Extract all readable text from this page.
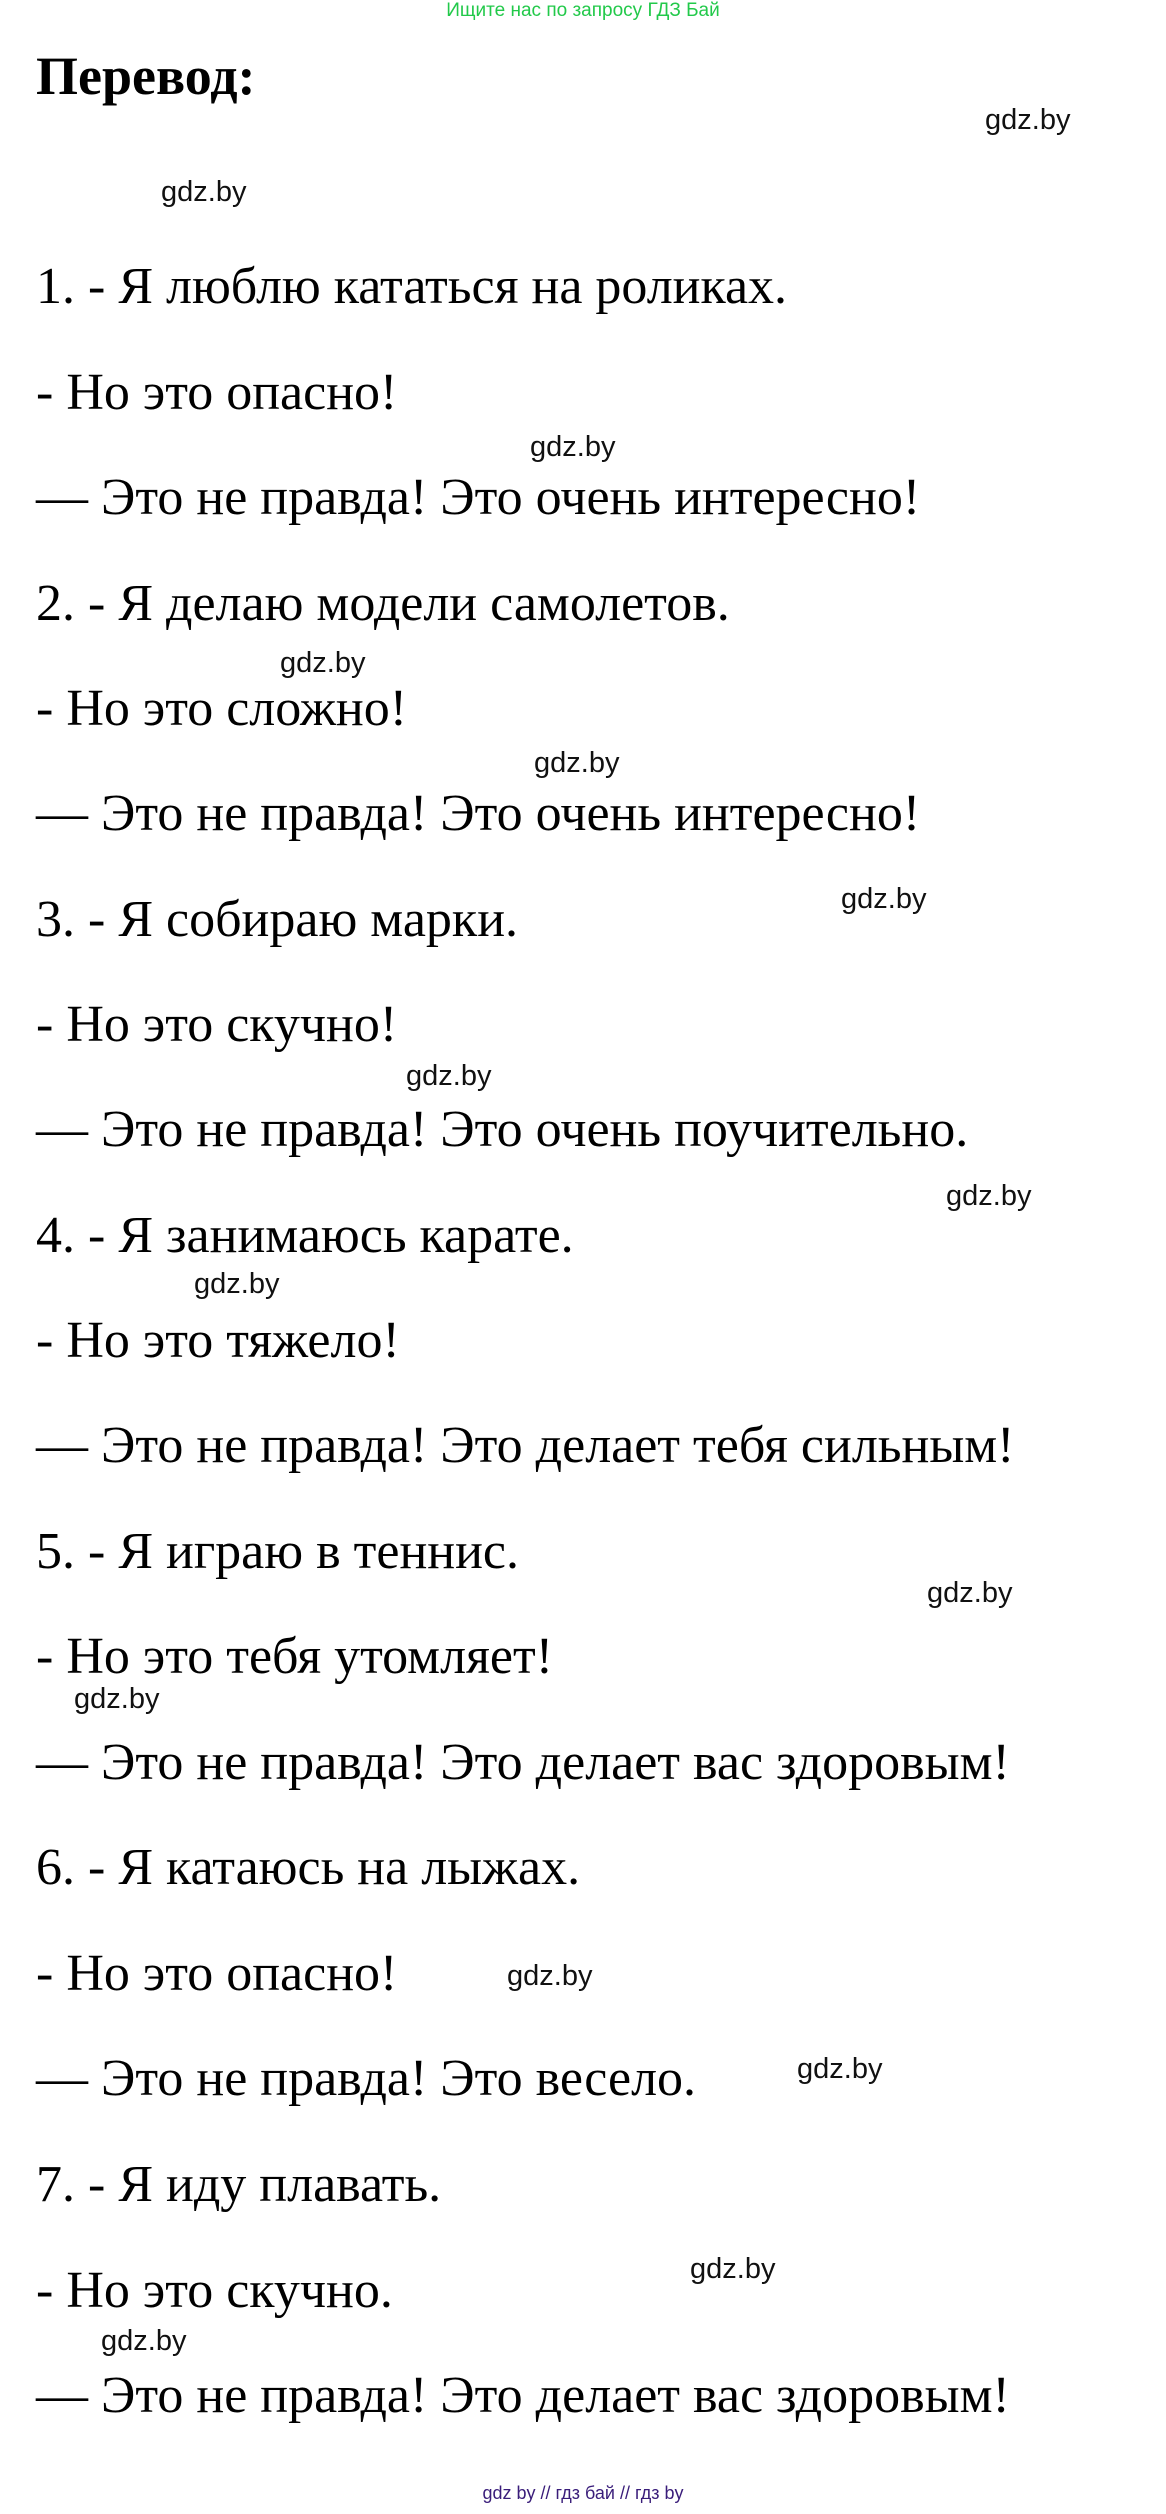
Ищите нас по запросу ГДЗ Бай
Перевод:
1. - Я люблю кататься на роликах.
- Но это опасно!
— Это не правда! Это очень интересно!
2. - Я делаю модели самолетов.
- Но это сложно!
— Это не правда! Это очень интересно!
3. - Я собираю марки.
- Но это скучно!
— Это не правда! Это очень поучительно.
4. - Я занимаюсь карате.
- Но это тяжело!
— Это не правда! Это делает тебя сильным!
5. - Я играю в теннис.
- Но это тебя утомляет!
— Это не правда! Это делает вас здоровым!
6. - Я катаюсь на лыжах.
- Но это опасно!
— Это не правда! Это весело.
7. - Я иду плавать.
- Но это скучно.
— Это не правда! Это делает вас здоровым!
gdz.by
gdz.by
gdz.by
gdz.by
gdz.by
gdz.by
gdz.by
gdz.by
gdz.by
gdz.by
gdz.by
gdz.by
gdz.by
gdz.by
gdz.by
gdz by // гдз бай // гдз by
